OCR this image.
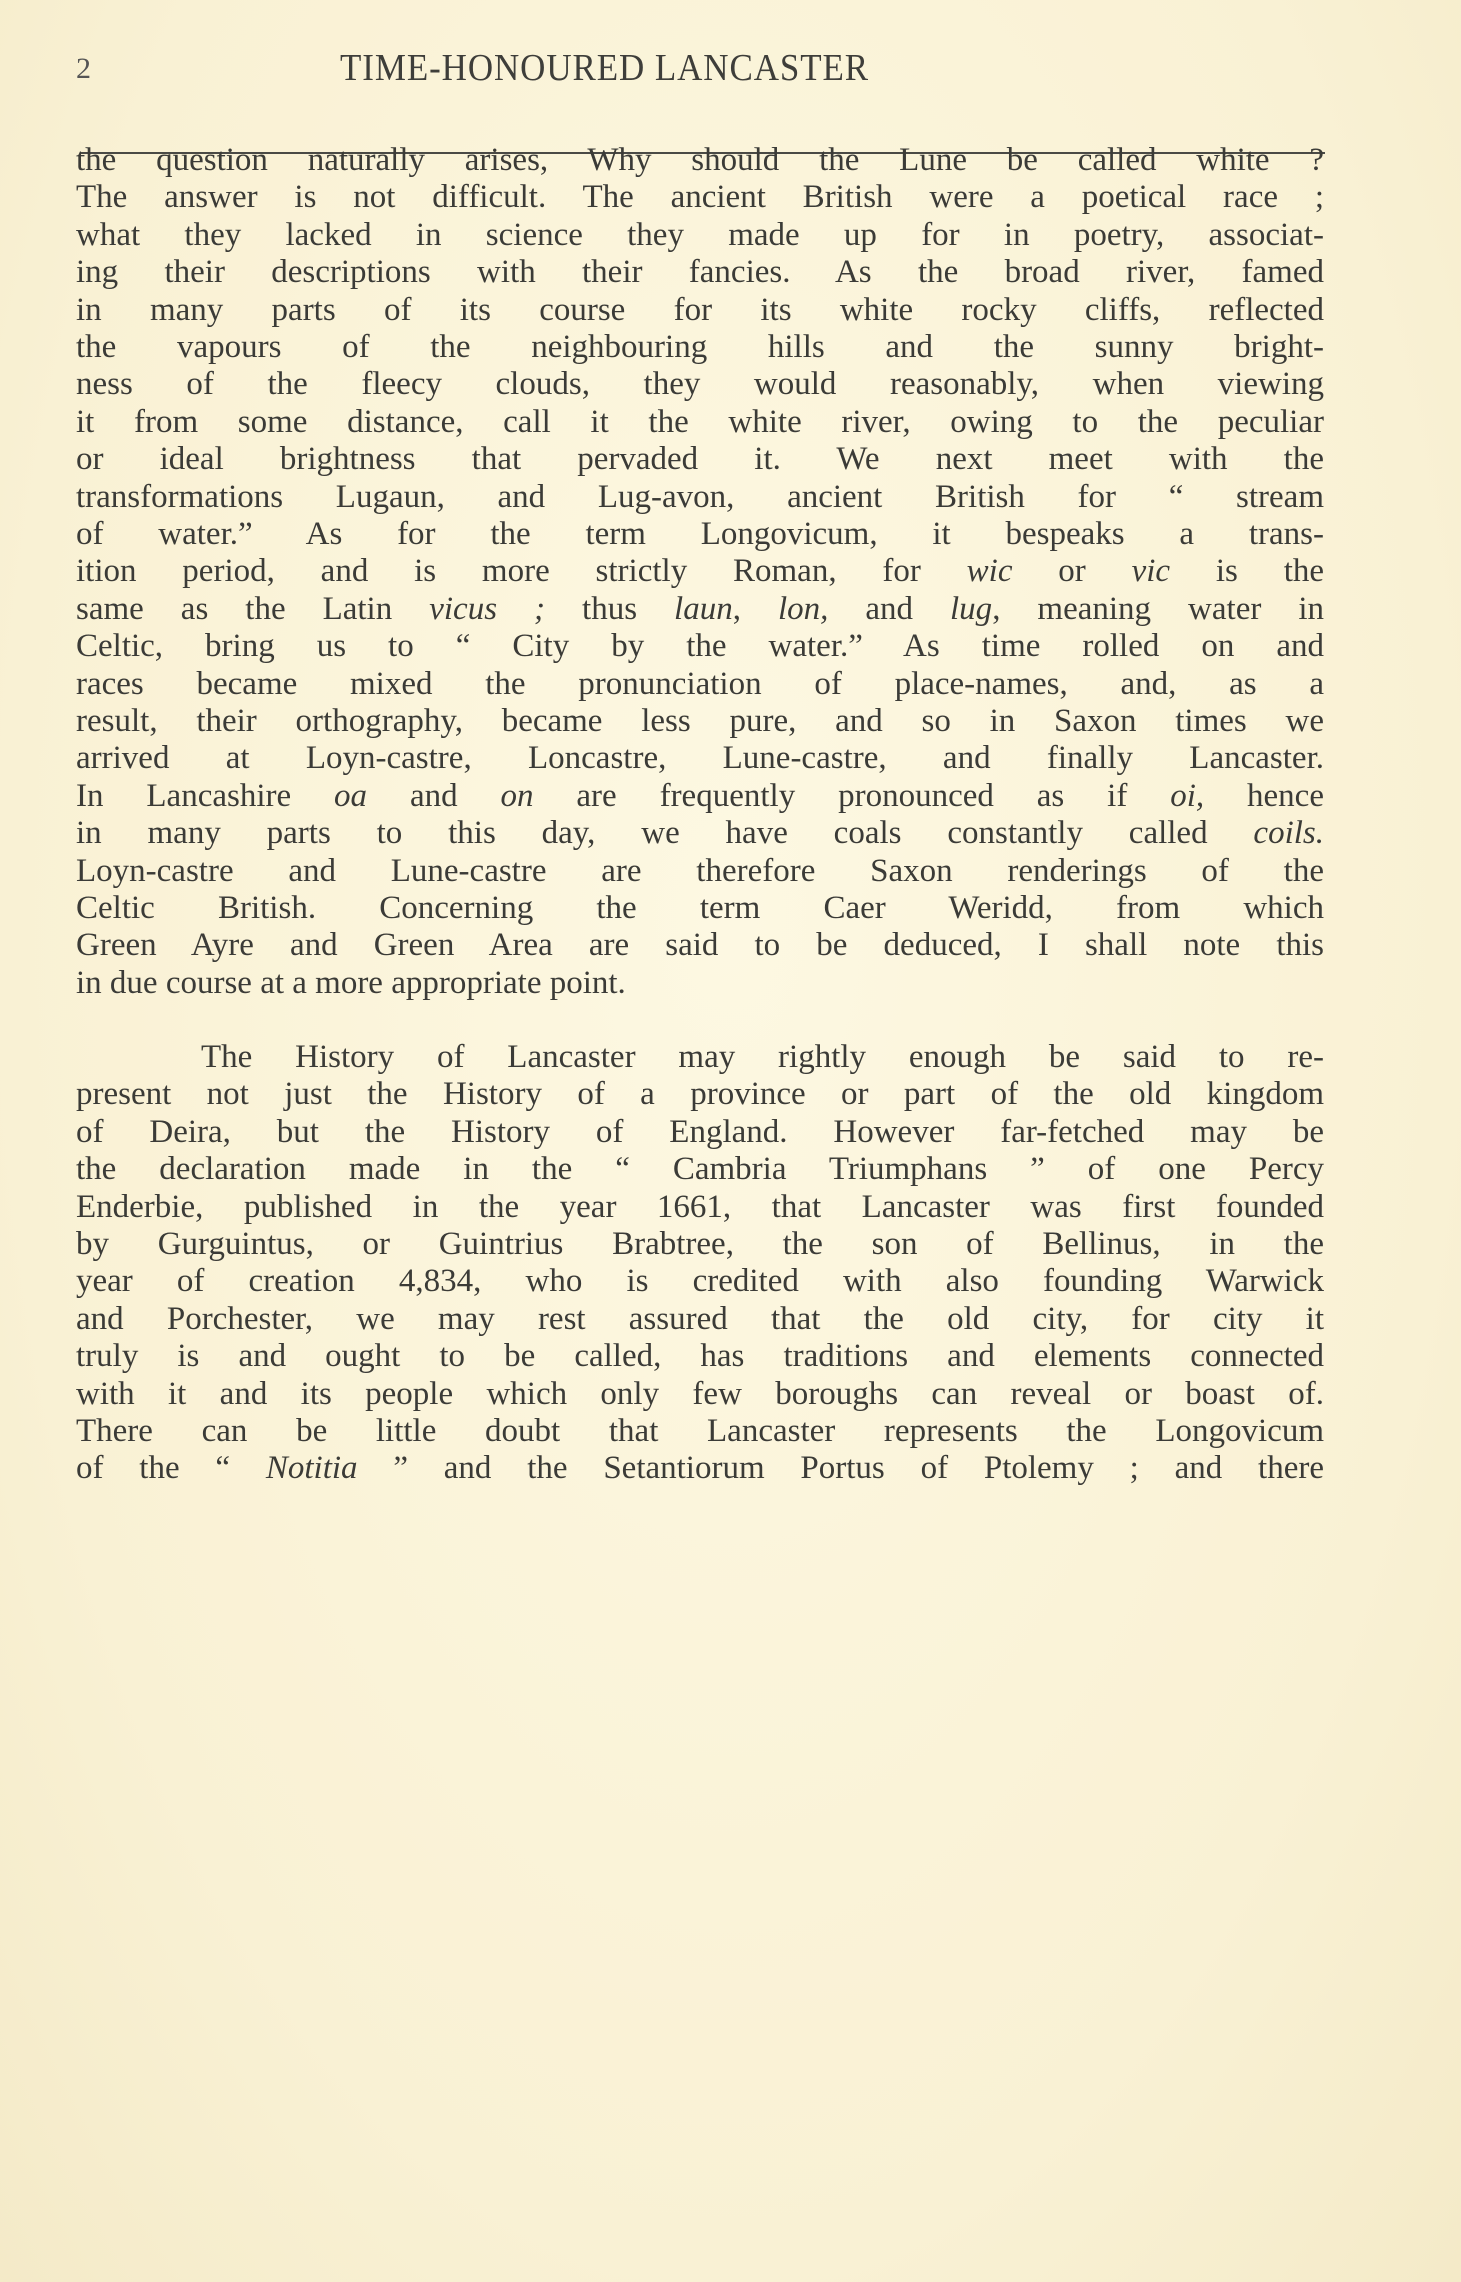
2	TIME-HONOURED LANCASTER
the question naturally arises, Why should the Lune be called white ?
The answer is not difficult. The ancient British were a poetical race ;
what they lacked in science they made up for in poetry, associat-
ing their descriptions with their fancies. As the broad river, famed
in many parts of its course for its white rocky cliffs, reflected
the vapours of the neighbouring hills and the sunny bright-
ness of the fleecy clouds, they would reasonably, when viewing
it from some distance, call it the white river, owing to the peculiar
or ideal brightness that pervaded it. We next meet with the
transformations Lugaun, and Lug-avon, ancient British for “ stream
of water.” As for the term Longovicum, it bespeaks a trans-
ition period, and is more strictly Roman, for wic or vic is the
same as the Latin vicus ; thus laun, lon, and lug, meaning water in
Celtic, bring us to “ City by the water.” As time rolled on and
races became mixed the pronunciation of place-names, and, as a
result, their orthography, became less pure, and so in Saxon times we
arrived at Loyn-castre, Loncastre, Lune-castre, and finally Lancaster.
In Lancashire oa and on are frequently pronounced as if oi, hence
in many parts to this day, we have coals constantly called coils.
Loyn-castre and Lune-castre are therefore Saxon renderings of the
Celtic British. Concerning the term Caer Weridd, from which
Green Ayre and Green Area are said to be deduced, I shall note this
in due course at a more appropriate point.
The History of Lancaster may rightly enough be said to re-
present not just the History of a province or part of the old kingdom
of Deira, but the History of England. However far-fetched may be
the declaration made in the “ Cambria Triumphans ” of one Percy
Enderbie, published in the year 1661, that Lancaster was first founded
by Gurguintus, or Guintrius Brabtree, the son of Bellinus, in the
year of creation 4,834, who is credited with also founding Warwick
and Porchester, we may rest assured that the old city, for city it
truly is and ought to be called, has traditions and elements connected
with it and its people which only few boroughs can reveal or boast of.
There can be little doubt that Lancaster represents the Longovicum
of the “ Notitia ” and the Setantiorum Portus of Ptolemy ; and there
